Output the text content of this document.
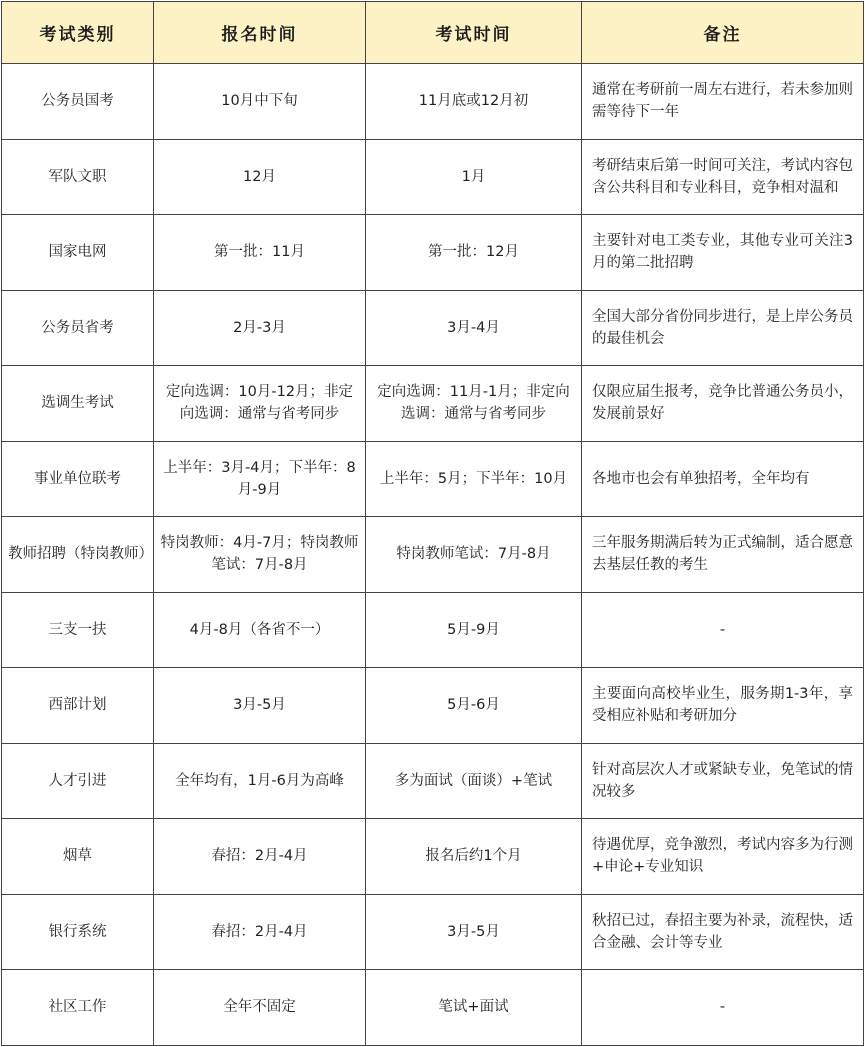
考试类别	报名时间	考试时间	备注
公务员国考	10月中下旬	11月底或12月初	通常在考研前一周左右进行，若未参加则需等待下一年
军队文职	12月	1月	考研结束后第一时间可关注，考试内容包含公共科目和专业科目，竞争相对温和
国家电网	第一批：11月	第一批：12月	主要针对电工类专业，其他专业可关注3月的第二批招聘
公务员省考	2月-3月	3月-4月	全国大部分省份同步进行，是上岸公务员的最佳机会
选调生考试	定向选调：10月-12月；非定向选调：通常与省考同步	定向选调：11月-1月；非定向选调：通常与省考同步	仅限应届生报考，竞争比普通公务员小，发展前景好
事业单位联考	上半年：3月-4月；下半年：8月-9月	上半年：5月；下半年：10月	各地市也会有单独招考，全年均有
教师招聘（特岗教师）	特岗教师：4月-7月；特岗教师笔试：7月-8月	特岗教师笔试：7月-8月	三年服务期满后转为正式编制，适合愿意去基层任教的考生
三支一扶	4月-8月（各省不一）	5月-9月	-
西部计划	3月-5月	5月-6月	主要面向高校毕业生，服务期1-3年，享受相应补贴和考研加分
人才引进	全年均有，1月-6月为高峰	多为面试（面谈）+笔试	针对高层次人才或紧缺专业，免笔试的情况较多
烟草	春招：2月-4月	报名后约1个月	待遇优厚，竞争激烈，考试内容多为行测+申论+专业知识
银行系统	春招：2月-4月	3月-5月	秋招已过，春招主要为补录，流程快，适合金融、会计等专业
社区工作	全年不固定	笔试+面试	-
